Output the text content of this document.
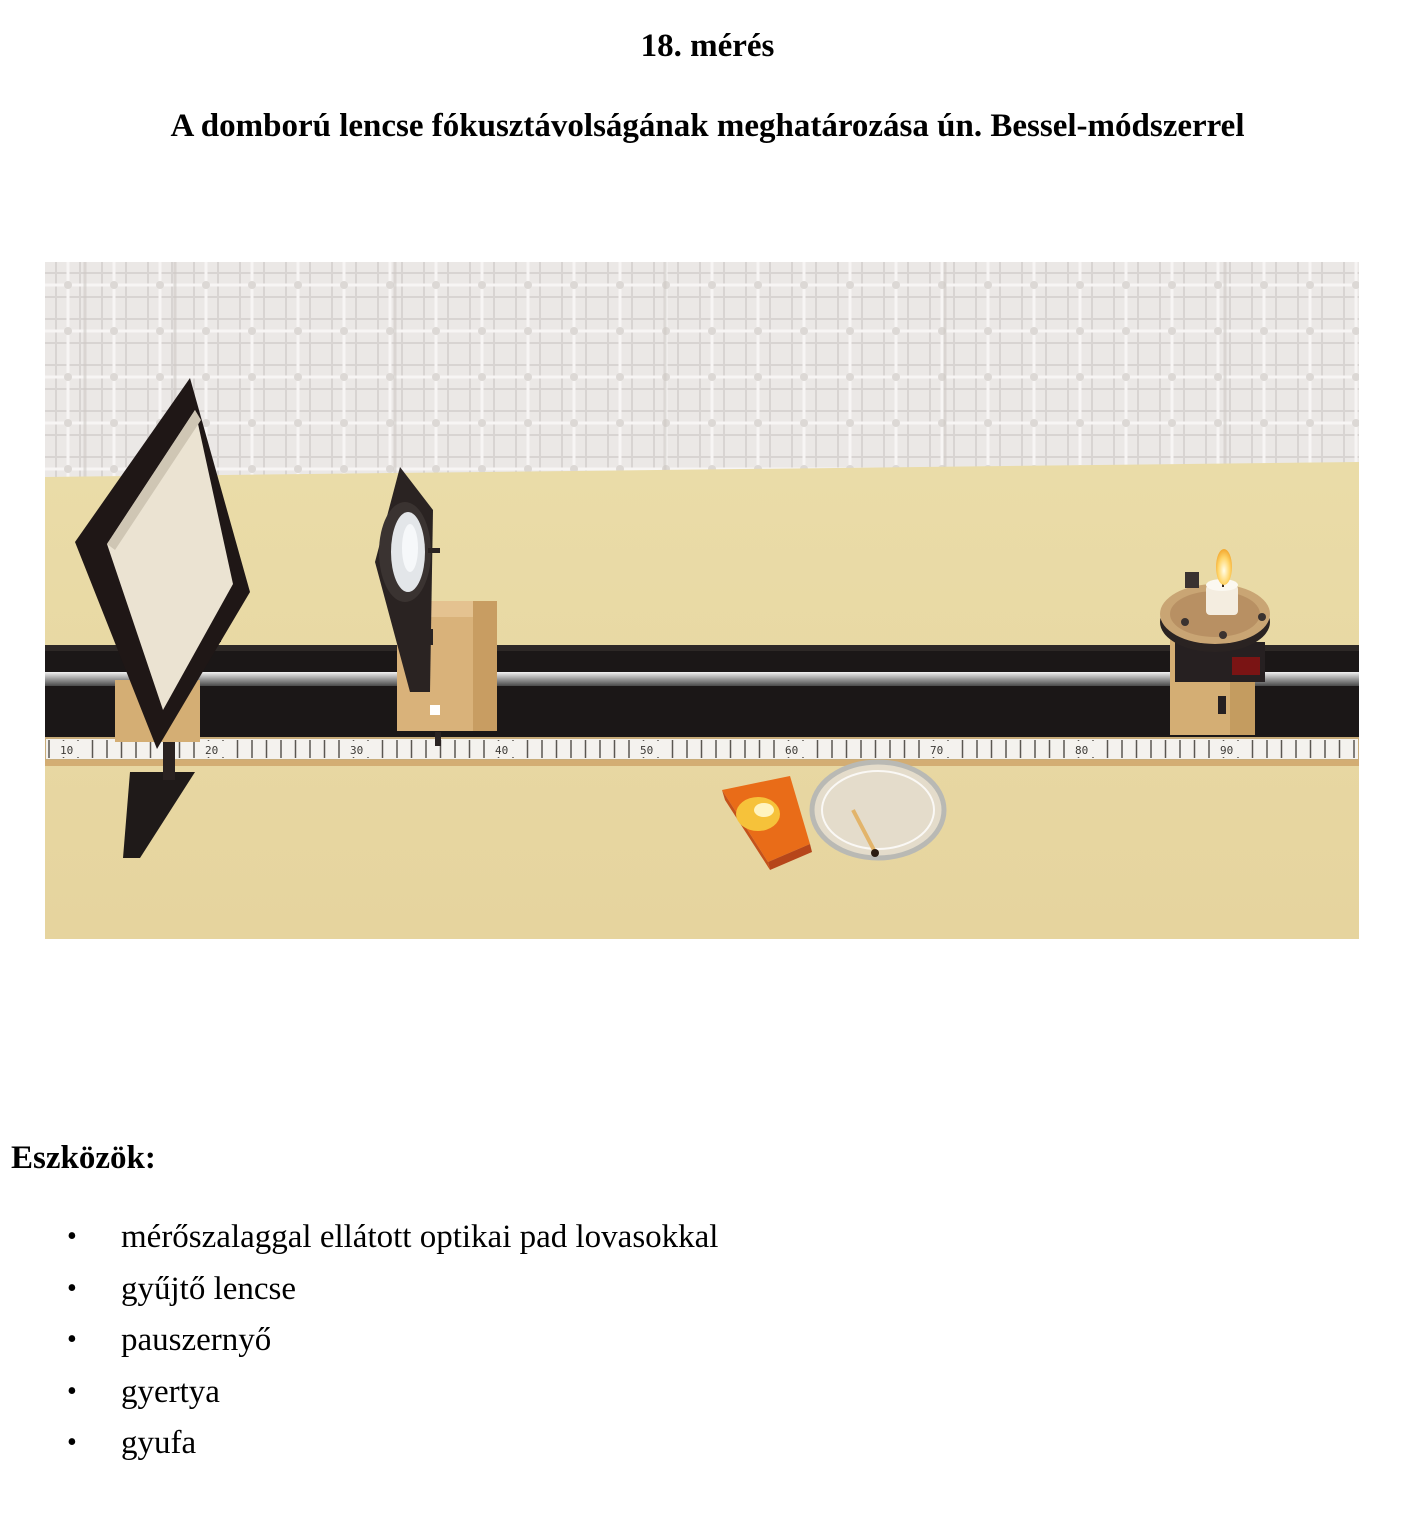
18. mérés
A domború lencse fókusztávolságának meghatározása ún. Bessel-módszerrel
10	20	30	40	50	60	70	80	90
Eszközök:
• mérőszalaggal ellátott optikai pad lovasokkal
• gyűjtő lencse
• pauszernyő
• gyertya
• gyufa
